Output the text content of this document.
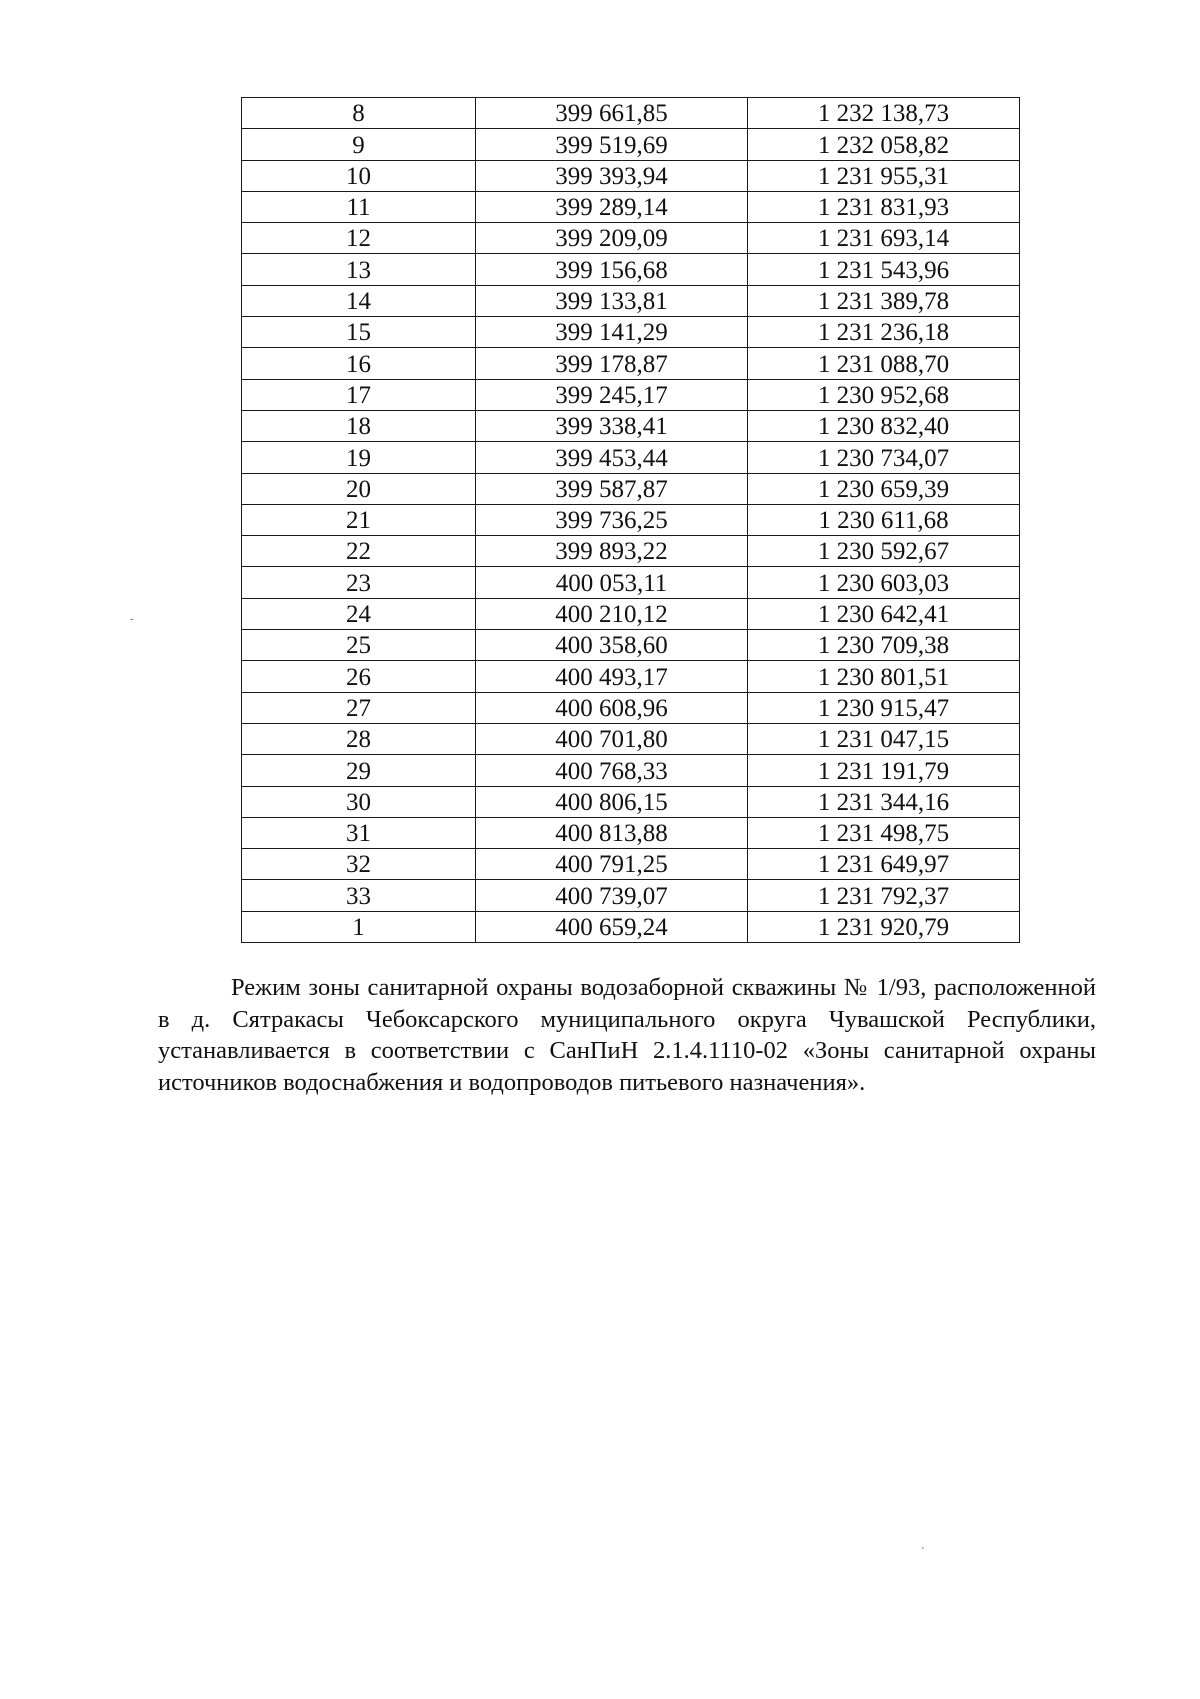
8	399 661,85	1 232 138,73
9	399 519,69	1 232 058,82
10	399 393,94	1 231 955,31
11	399 289,14	1 231 831,93
12	399 209,09	1 231 693,14
13	399 156,68	1 231 543,96
14	399 133,81	1 231 389,78
15	399 141,29	1 231 236,18
16	399 178,87	1 231 088,70
17	399 245,17	1 230 952,68
18	399 338,41	1 230 832,40
19	399 453,44	1 230 734,07
20	399 587,87	1 230 659,39
21	399 736,25	1 230 611,68
22	399 893,22	1 230 592,67
23	400 053,11	1 230 603,03
24	400 210,12	1 230 642,41
25	400 358,60	1 230 709,38
26	400 493,17	1 230 801,51
27	400 608,96	1 230 915,47
28	400 701,80	1 231 047,15
29	400 768,33	1 231 191,79
30	400 806,15	1 231 344,16
31	400 813,88	1 231 498,75
32	400 791,25	1 231 649,97
33	400 739,07	1 231 792,37
1	400 659,24	1 231 920,79

Режим зоны санитарной охраны водозаборной скважины № 1/93, расположенной в д. Сятракасы Чебоксарского муниципального округа Чувашской Республики, устанавливается в соответствии с СанПиН 2.1.4.1110-02 «Зоны санитарной охраны источников водоснабжения и водопроводов питьевого назначения».

-
'
